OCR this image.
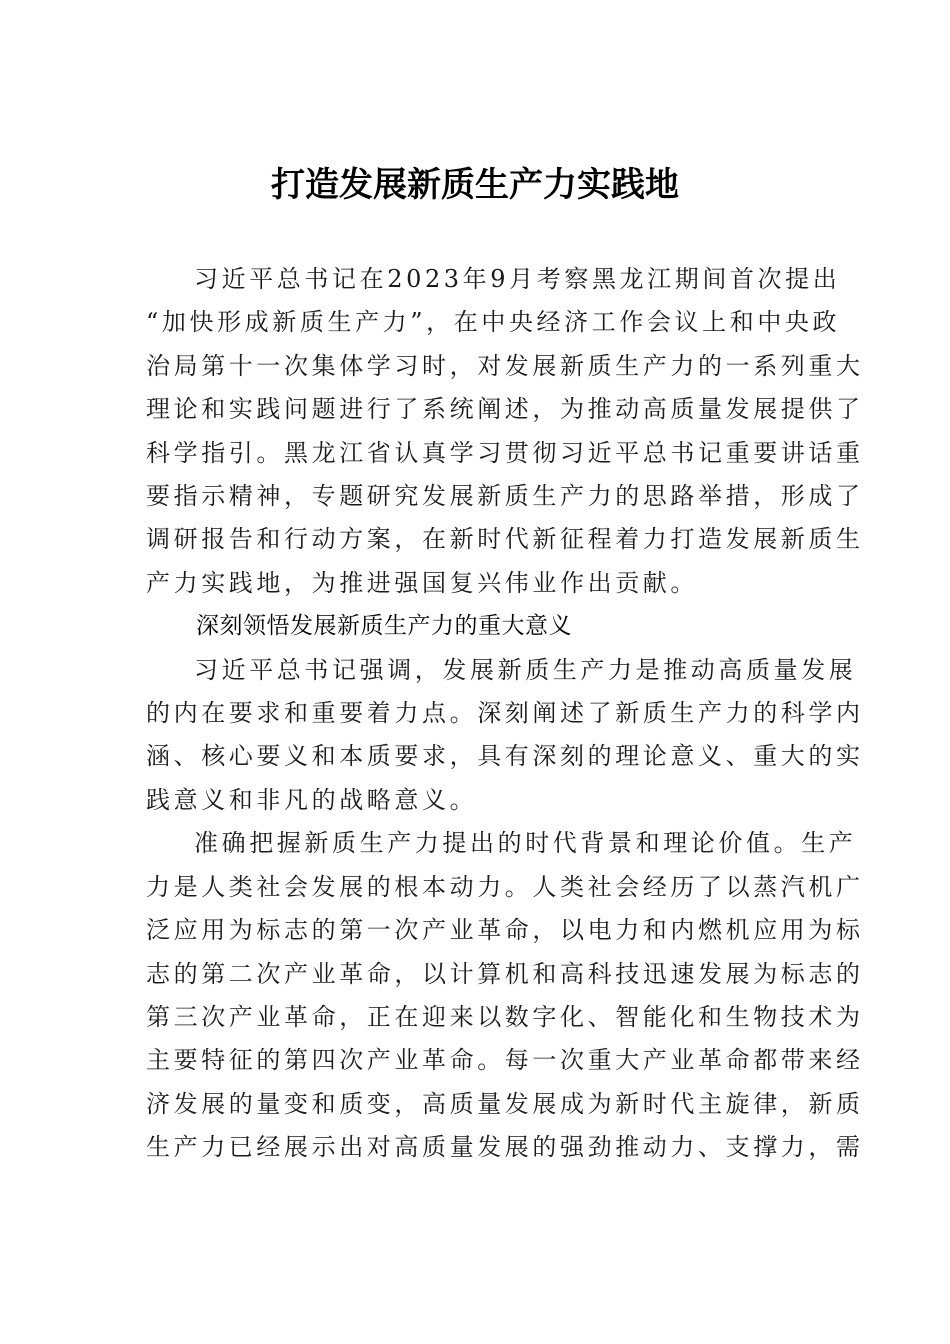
打造发展新质生产力实践地
习近平总书记在2023年9月考察黑龙江期间首次提出
“加快形成新质生产力”，在中央经济工作会议上和中央政
治局第十一次集体学习时，对发展新质生产力的一系列重大
理论和实践问题进行了系统阐述，为推动高质量发展提供了
科学指引。黑龙江省认真学习贯彻习近平总书记重要讲话重
要指示精神，专题研究发展新质生产力的思路举措，形成了
调研报告和行动方案，在新时代新征程着力打造发展新质生
产力实践地，为推进强国复兴伟业作出贡献。
深刻领悟发展新质生产力的重大意义
习近平总书记强调，发展新质生产力是推动高质量发展
的内在要求和重要着力点。深刻阐述了新质生产力的科学内
涵、核心要义和本质要求，具有深刻的理论意义、重大的实
践意义和非凡的战略意义。
准确把握新质生产力提出的时代背景和理论价值。生产
力是人类社会发展的根本动力。人类社会经历了以蒸汽机广
泛应用为标志的第一次产业革命，以电力和内燃机应用为标
志的第二次产业革命，以计算机和高科技迅速发展为标志的
第三次产业革命，正在迎来以数字化、智能化和生物技术为
主要特征的第四次产业革命。每一次重大产业革命都带来经
济发展的量变和质变，高质量发展成为新时代主旋律，新质
生产力已经展示出对高质量发展的强劲推动力、支撑力，需
